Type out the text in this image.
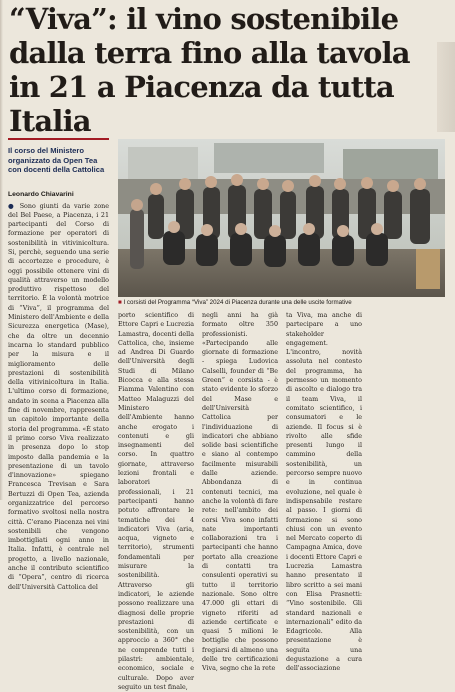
“Viva”: il vino sostenibile dalla terra fino alla tavola in 21 a Piacenza da tutta Italia

Il corso del Ministero organizzato da Open Tea con docenti della Cattolica

Leonardo Chiavarini

● Sono giunti da varie zone del Bel Paese, a Piacenza, i 21 partecipanti del Corso di formazione per operatori di sostenibilità in vitivinicoltura. Si, perchè, seguendo una serie di accortezze e procedure, è oggi possibile ottenere vini di qualità attraverso un modello produttivo rispettoso del territorio. È la volontà motrice di “Viva”, il programma del Ministero dell'Ambiente e della Sicurezza energetica (Mase), che da oltre un decennio incarna lo standard pubblico per la misura e il miglioramento delle prestazioni di sostenibilità della vitivinicoltura in Italia. L'ultimo corso di formazione, andato in scena a Piacenza alla fine di novembre, rappresenta un capitolo importante della storia del programma. «È stato il primo corso Viva realizzato in presenza dopo lo stop imposto dalla pandemia e la presentazione di un tavolo d'innovazione» spiegano Francesca Trevisan e Sara Bertuzzi di Open Tea, azienda organizzatrice del percorso formativo svoltosi nella nostra città. C'erano Piacenza nei vini sostenibili che vengono imbottigliati ogni anno in Italia. Infatti, è centrale nel progetto, a livello nazionale, anche il contributo scientifico di “Opera”, centro di ricerca dell'Università Cattolica del

■ I corsisti del Programma “Viva” 2024 di Piacenza durante una delle uscite formative

porto scientifico di Ettore Capri e Lucrezia Lamastra, docenti della Cattolica, che, insieme ad Andrea Di Guardo dell'Università degli Studi di Milano Bicocca e alla stessa Fiamma Valentino con Matteo Malaguzzi del Ministero dell'Ambiente hanno anche erogato i contenuti e gli insegnamenti del corso. In quattro giornate, attraverso lezioni frontali e laboratori professionali, i 21 partecipanti hanno potuto affrontare le tematiche dei 4 indicatori Viva (aria, acqua, vigneto e territorio), strumenti fondamentali per misurare la sostenibilità. Attraverso gli indicatori, le aziende possono realizzare una diagnosi delle proprie prestazioni di sostenibilità, con un approccio a 360° che ne comprende tutti i pilastri: ambientale, economico, sociale e culturale. Dopo aver seguito un test finale,

negli anni ha già formato oltre 350 professionisti. «Partecipando alle giornate di formazione - spiega Ludovica Calselli, founder di “Be Green” e corsista - è stato evidente lo sforzo del Mase e dell'Università Cattolica per l'individuazione di indicatori che abbiano solide basi scientifiche e siano al contempo facilmente misurabili dalle aziende. Abbondanza di contenuti tecnici, ma anche la volontà di fare rete: nell'ambito dei corsi Viva sono infatti nate importanti collaborazioni tra i partecipanti che hanno portato alla creazione di contatti tra consulenti operativi su tutto il territorio nazionale. Sono oltre 47.000 gli ettari di vigneto riferiti ad aziende certificate e quasi 5 milioni le bottiglie che possono fregiarsi di almeno una delle tre certificazioni Viva, segno che la rete

ta Viva, ma anche di partecipare a uno stakeholder engagement. L'incontro, novità assoluta nel contesto del programma, ha permesso un momento di ascolto e dialogo tra il team Viva, il comitato scientifico, i consumatori e le aziende. Il focus si è rivolto alle sfide presenti lungo il cammino della sostenibilità, un percorso sempre nuovo e in continua evoluzione, nel quale è indispensabile restare al passo. I giorni di formazione si sono chiusi con un evento nel Mercato coperto di Campagna Amica, dove i docenti Ettore Capri e Lucrezia Lamastra hanno presentato il libro scritto a sei mani con Elisa Prasnetti: “Vino sostenibile. Gli standard nazionali e internazionali” edito da Edagricole. Alla presentazione è seguita una degustazione a cura dell'associazione
